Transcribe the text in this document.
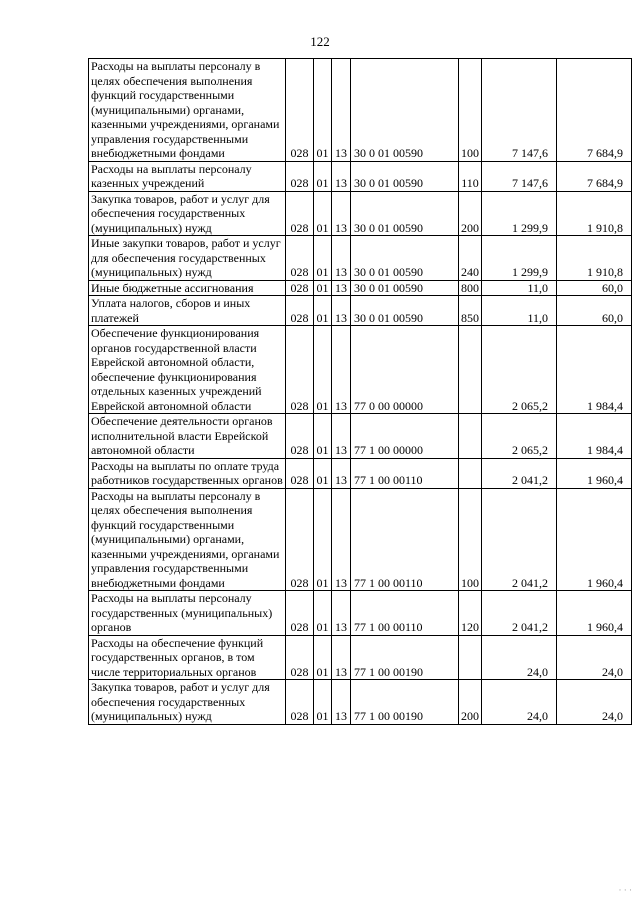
122
Расходы на выплаты персоналу в целях обеспечения выполнения функций государственными (муниципальными) органами, казенными учреждениями, органами управления государственными внебюджетными фондами	028	01	13	30 0 01 00590	100	7 147,6	7 684,9
Расходы на выплаты персоналу казенных учреждений	028	01	13	30 0 01 00590	110	7 147,6	7 684,9
Закупка товаров, работ и услуг для обеспечения государственных (муниципальных) нужд	028	01	13	30 0 01 00590	200	1 299,9	1 910,8
Иные закупки товаров, работ и услуг для обеспечения государственных (муниципальных) нужд	028	01	13	30 0 01 00590	240	1 299,9	1 910,8
Иные бюджетные ассигнования	028	01	13	30 0 01 00590	800	11,0	60,0
Уплата налогов, сборов и иных платежей	028	01	13	30 0 01 00590	850	11,0	60,0
Обеспечение функционирования органов государственной власти Еврейской автономной области, обеспечение функционирования отдельных казенных учреждений Еврейской автономной области	028	01	13	77 0 00 00000		2 065,2	1 984,4
Обеспечение деятельности органов исполнительной власти Еврейской автономной области	028	01	13	77 1 00 00000		2 065,2	1 984,4
Расходы на выплаты по оплате труда работников государственных органов	028	01	13	77 1 00 00110		2 041,2	1 960,4
Расходы на выплаты персоналу в целях обеспечения выполнения функций государственными (муниципальными) органами, казенными учреждениями, органами управления государственными внебюджетными фондами	028	01	13	77 1 00 00110	100	2 041,2	1 960,4
Расходы на выплаты персоналу государственных (муниципальных) органов	028	01	13	77 1 00 00110	120	2 041,2	1 960,4
Расходы на обеспечение функций государственных органов, в том числе территориальных органов	028	01	13	77 1 00 00190		24,0	24,0
Закупка товаров, работ и услуг для обеспечения государственных (муниципальных) нужд	028	01	13	77 1 00 00190	200	24,0	24,0
· · ·
